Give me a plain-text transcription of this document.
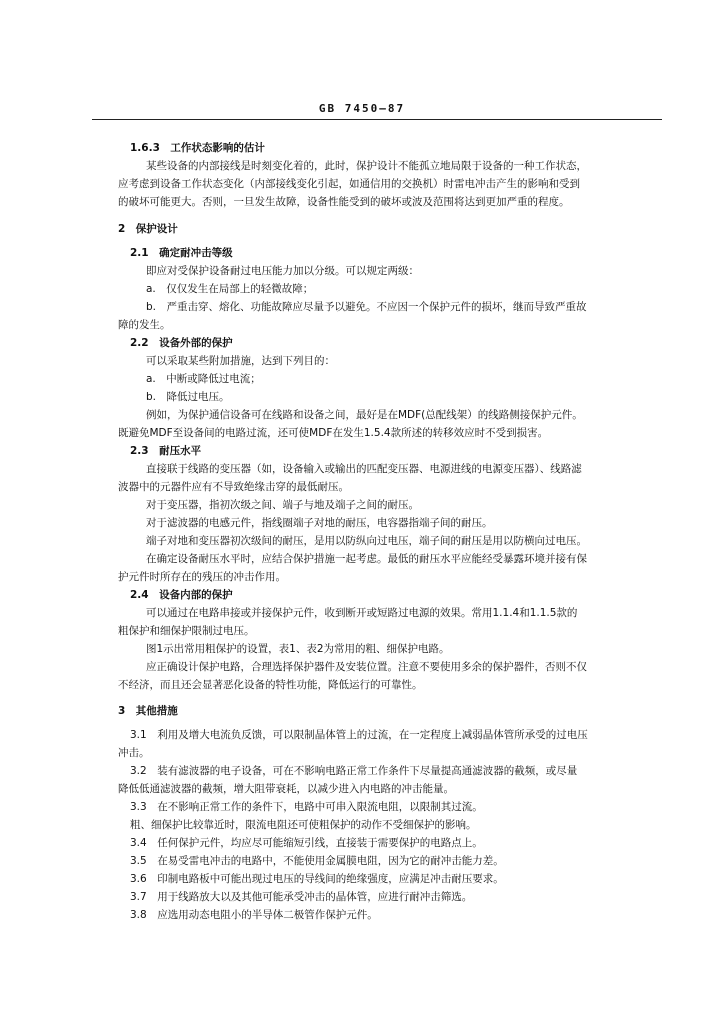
GB 7450—87
1.6.3　工作状态影响的估计
某些设备的内部接线是时刻变化着的，此时，保护设计不能孤立地局限于设备的一种工作状态，
应考虑到设备工作状态变化（内部接线变化引起，如通信用的交换机）时雷电冲击产生的影响和受到
的破坏可能更大。否则，一旦发生故障，设备性能受到的破坏或波及范围将达到更加严重的程度。
2　保护设计
2.1　确定耐冲击等级
即应对受保护设备耐过电压能力加以分级。可以规定两级：
a.　仅仅发生在局部上的轻微故障；
b.　严重击穿、熔化、功能故障应尽量予以避免。不应因一个保护元件的损坏，继而导致严重故
障的发生。
2.2　设备外部的保护
可以采取某些附加措施，达到下列目的：
a.　中断或降低过电流；
b.　降低过电压。
例如，为保护通信设备可在线路和设备之间，最好是在MDF(总配线架）的线路侧接保护元件。
既避免MDF至设备间的电路过流，还可使MDF在发生1.5.4款所述的转移效应时不受到损害。
2.3　耐压水平
直接联于线路的变压器（如，设备输入或输出的匹配变压器、电源进线的电源变压器）、线路滤
波器中的元器件应有不导致绝缘击穿的最低耐压。
对于变压器，指初次级之间、端子与地及端子之间的耐压。
对于滤波器的电感元件，指线圈端子对地的耐压，电容器指端子间的耐压。
端子对地和变压器初次级间的耐压，是用以防纵向过电压，端子间的耐压是用以防横向过电压。
在确定设备耐压水平时，应结合保护措施一起考虑。最低的耐压水平应能经受暴露环境并接有保
护元件时所存在的残压的冲击作用。
2.4　设备内部的保护
可以通过在电路串接或并接保护元件，收到断开或短路过电源的效果。常用1.1.4和1.1.5款的
粗保护和细保护限制过电压。
图1示出常用粗保护的设置，表1、表2为常用的粗、细保护电路。
应正确设计保护电路，合理选择保护器件及安装位置。注意不要使用多余的保护器件，否则不仅
不经济，而且还会显著恶化设备的特性功能，降低运行的可靠性。
3　其他措施
3.1　利用及增大电流负反馈，可以限制晶体管上的过流，在一定程度上减弱晶体管所承受的过电压
冲击。
3.2　装有滤波器的电子设备，可在不影响电路正常工作条件下尽量提高通滤波器的截频，或尽量
降低低通滤波器的截频，增大阻带衰耗，以减少进入内电路的冲击能量。
3.3　在不影响正常工作的条件下，电路中可串入限流电阻，以限制其过流。
粗、细保护比较靠近时，限流电阻还可使粗保护的动作不受细保护的影响。
3.4　任何保护元件，均应尽可能缩短引线，直接装于需要保护的电路点上。
3.5　在易受雷电冲击的电路中，不能使用金属膜电阻，因为它的耐冲击能力差。
3.6　印制电路板中可能出现过电压的导线间的绝缘强度，应满足冲击耐压要求。
3.7　用于线路放大以及其他可能承受冲击的晶体管，应进行耐冲击筛选。
3.8　应选用动态电阻小的半导体二极管作保护元件。
